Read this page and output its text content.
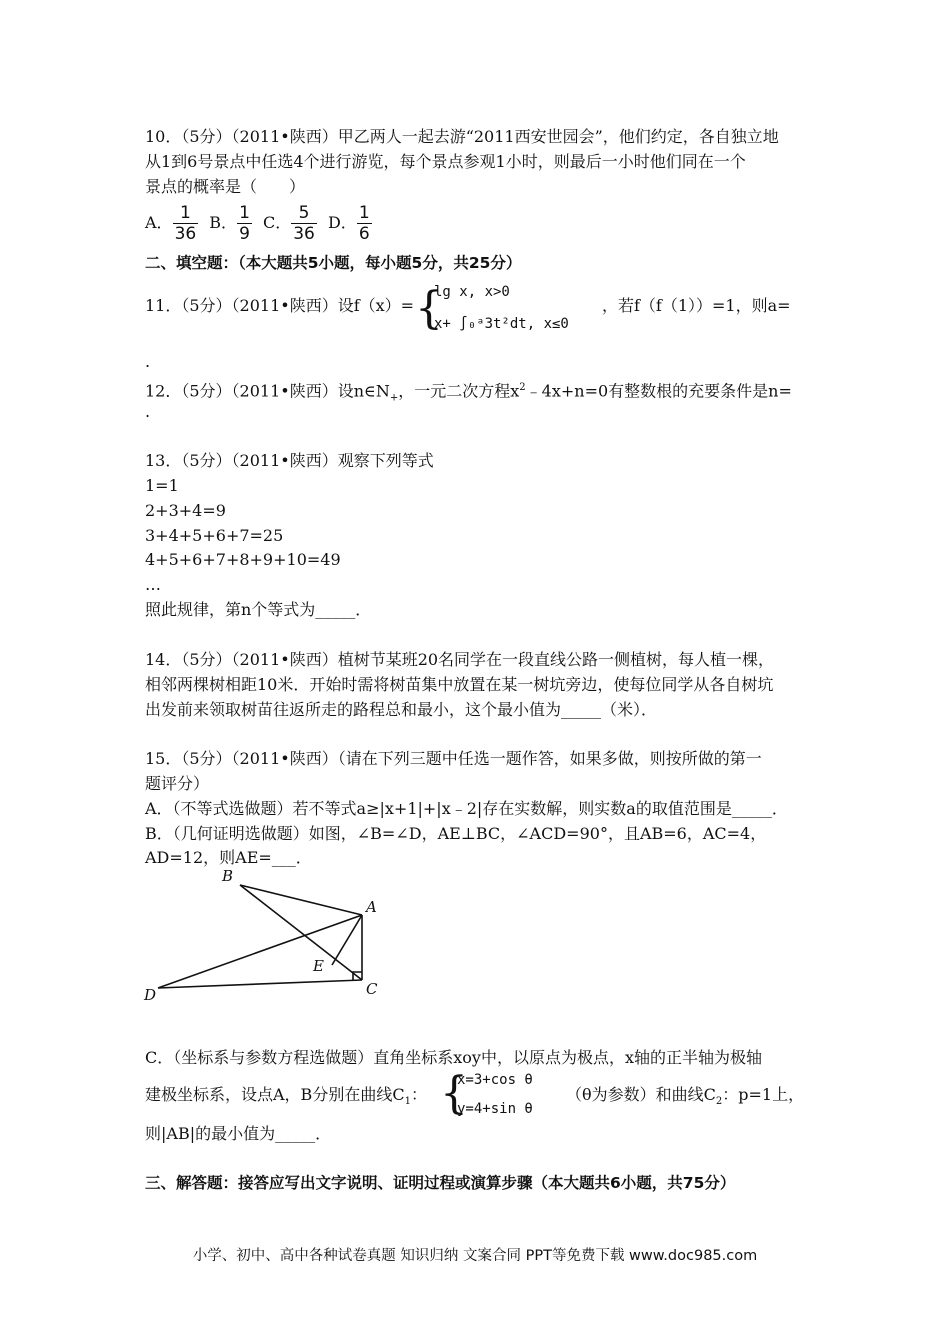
10．（5分）（2011•陕西）甲乙两人一起去游“2011西安世园会”，他们约定，各自独立地
从1到6号景点中任选4个进行游览，每个景点参观1小时，则最后一小时他们同在一个
景点的概率是（　　）
A． $\frac{1}{36}$ B． $\frac{1}{9}$ C． $\frac{5}{36}$ D． $\frac{1}{6}$
二、填空题：（本大题共5小题，每小题5分，共25分）
11．（5分）（2011•陕西）设f（x）= {
lg x, x>0
x+ ∫₀ᵃ3t²dt, x≤0
，若f（f（1））=1，则a=
.
12．（5分）（2011•陕西）设$n\in N_+$，一元二次方程$x^2﹣4x+n=0$有整数根的充要条件是n=
.
13．（5分）（2011•陕西）观察下列等式
1=1
2+3+4=9
3+4+5+6+7=25
4+5+6+7+8+9+10=49
…
照此规律，第n个等式为_____．
14．（5分）（2011•陕西）植树节某班20名同学在一段直线公路一侧植树，每人植一棵，
相邻两棵树相距10米．开始时需将树苗集中放置在某一树坑旁边，使每位同学从各自树坑
出发前来领取树苗往返所走的路程总和最小，这个最小值为_____（米）．
15．（5分）（2011•陕西）（请在下列三题中任选一题作答，如果多做，则按所做的第一
题评分）
A．（不等式选做题）若不等式a≥|x+1|+|x﹣2|存在实数解，则实数a的取值范围是_____．
B．（几何证明选做题）如图，∠B=∠D，AE⊥BC，∠ACD=90°，且AB=6，AC=4，
AD=12，则AE=___．
B
A
E
D	C
C．（坐标系与参数方程选做题）直角坐标系xoy中，以原点为极点，x轴的正半轴为极轴
建极坐标系，设点A，B分别在曲线$C_1$： {
x=3+cos θ
y=4+sin θ
（θ为参数）和曲线$C_2$：p=1上，
则|AB|的最小值为_____．
三、解答题：接答应写出文字说明、证明过程或演算步骤（本大题共6小题，共75分）
小学、初中、高中各种试卷真题 知识归纳 文案合同 PPT等免费下载 www.doc985.com
